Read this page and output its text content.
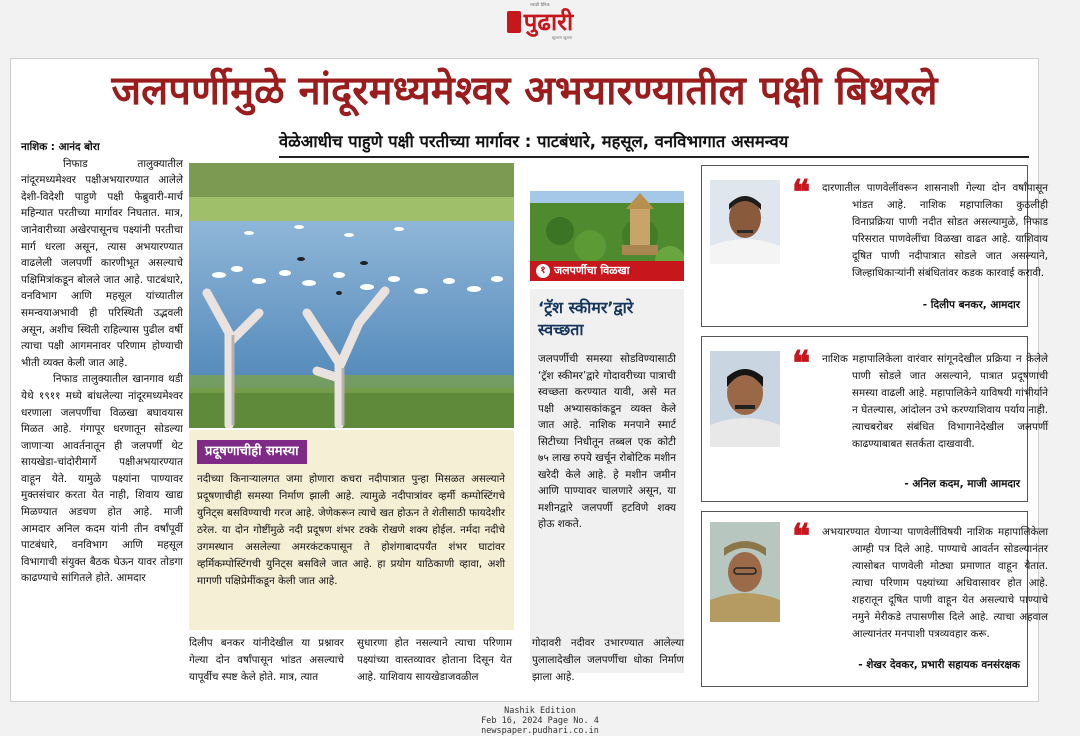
मराठी दैनिक
पुढारी
खुल्लम खुल्ला
जलपर्णीमुळे नांदूरमध्यमेश्वर अभयारण्यातील पक्षी बिथरले
वेळेआधीच पाहुणे पक्षी परतीच्या मार्गावर : पाटबंधारे, महसूल, वनविभागात असमन्वय

नाशिक : आनंद बोरा

निफाड तालुक्यातील नांदूरमध्यमेश्वर पक्षीअभयारण्यात आलेले देशी-विदेशी पाहुणे पक्षी फेब्रुवारी-मार्च महिन्यात परतीच्या मार्गावर निघतात. मात्र, जानेवारीच्या अखेरपासूनच पक्ष्यांनी परतीचा मार्ग धरला असून, त्यास अभयारण्यात वाढलेली जलपर्णी कारणीभूत असल्याचे पक्षिमित्रांकडून बोलले जात आहे. पाटबंधारे, वनविभाग आणि महसूल यांच्यातील समन्वयाअभावी ही परिस्थिती उद्भवली असून, अशीच स्थिती राहिल्यास पुढील वर्षी त्याचा पक्षी आगमनावर परिणाम होण्याची भीती व्यक्त केली जात आहे.

निफाड तालुक्यातील खानगाव थडी येथे १९११ मध्ये बांधलेल्या नांदूरमध्यमेश्वर धरणाला जलपर्णीचा विळखा बघावयास मिळत आहे. गंगापूर धरणातून सोडल्या जाणाऱ्या आवर्तनातून ही जलपर्णी थेट सायखेडा-चांदोरीमार्गे पक्षीअभयारण्यात वाहून येते. यामुळे पक्ष्यांना पाण्यावर मुक्तसंचार करता येत नाही, शिवाय खाद्य मिळण्यात अडचण होत आहे. माजी आमदार अनिल कदम यांनी तीन वर्षांपूर्वी पाटबंधारे, वनविभाग आणि महसूल विभागाची संयुक्त बैठक घेऊन यावर तोडगा काढण्याचे सांगितले होते. आमदार

१ जलपर्णीचा विळखा
‘ट्रॅश स्कीमर’द्वारे स्वच्छता
जलपर्णीची समस्या सोडविण्यासाठी ‘ट्रॅश स्कीमर’द्वारे गोदावरीच्या पात्राची स्वच्छता करण्यात यावी, असे मत पक्षी अभ्यासकांकडून व्यक्त केले जात आहे. नाशिक मनपाने स्मार्ट सिटीच्या निधीतून तब्बल एक कोटी ७५ लाख रुपये खर्चून रोबोटिक मशीन खरेदी केले आहे. हे मशीन जमीन आणि पाण्यावर चालणारे असून, या मशीनद्वारे जलपर्णी हटविणे शक्य होऊ शकते.
प्रदूषणाचीही समस्या
नदीच्या किनाऱ्यालगत जमा होणारा कचरा नदीपात्रात पुन्हा मिसळत असल्याने प्रदूषणाचीही समस्या निर्माण झाली आहे. त्यामुळे नदीपात्रांवर व्हर्मी कम्पोस्टिंगचे युनिट्स बसविण्याची गरज आहे. जेणेकरून त्याचे खत होऊन ते शेतीसाठी फायदेशीर ठरेल. या दोन गोष्टींमुळे नदी प्रदूषण शंभर टक्के रोखणे शक्य होईल. नर्मदा नदीचे उगमस्थान असलेल्या अमरकंटकपासून ते होशंगाबादपर्यंत शंभर घाटांवर व्हर्मिकम्पोस्टिंगची युनिट्स बसविले जात आहे. हा प्रयोग याठिकाणी व्हावा, अशी मागणी पक्षिप्रेमींकडून केली जात आहे.
दिलीप बनकर यांनीदेखील या प्रश्नावर गेल्या दोन वर्षांपासून भांडत असल्याचे यापूर्वीच स्पष्ट केले होते. मात्र, त्यात
सुधारणा होत नसल्याने त्याचा परिणाम पक्ष्यांच्या वास्तव्यावर होताना दिसून येत आहे. याशिवाय सायखेडाजवळील
गोदावरी नदीवर उभारण्यात आलेल्या पुलालादेखील जलपर्णीचा धोका निर्माण झाला आहे.
❝ दारणातील पाणवेलींवरून शासनाशी गेल्या दोन वर्षांपासून भांडत आहे. नाशिक महापालिका कुठलीही विनाप्रक्रिया पाणी नदीत सोडत असल्यामुळे, निफाड परिसरात पाणवेलींचा विळखा वाढत आहे. याशिवाय दूषित पाणी नदीपात्रात सोडले जात असल्याने, जिल्हाधिकाऱ्यांनी संबंधितांवर कडक कारवाई करावी.
- दिलीप बनकर, आमदार
❝ नाशिक महापालिकेला वारंवार सांगूनदेखील प्रक्रिया न केलेले पाणी सोडले जात असल्याने, पात्रात प्रदूषणाची समस्या वाढली आहे. महापालिकेने याविषयी गांभीर्याने न घेतल्यास, आंदोलन उभे करण्याशिवाय पर्याय नाही. त्याचबरोबर संबंधित विभागानेदेखील जलपर्णी काढण्याबाबत सतर्कता दाखवावी.
- अनिल कदम, माजी आमदार
❝ अभयारण्यात येणाऱ्या पाणवेलींविषयी नाशिक महापालिकेला आम्ही पत्र दिले आहे. पाण्याचे आवर्तन सोडल्यानंतर त्यासोबत पाणवेली मोठ्या प्रमाणात वाहून येतात. त्याचा परिणाम पक्ष्यांच्या अधिवासावर होत आहे. शहरातून दूषित पाणी वाहून येत असल्याचे पाण्याचे नमुने मेरीकडे तपासणीस दिले आहे. त्याचा अहवाल आल्यानंतर मनपाशी पत्रव्यवहार करू.
- शेखर देवकर, प्रभारी सहायक वनसंरक्षक
Nashik Edition
Feb 16, 2024 Page No. 4
newspaper.pudhari.co.in
